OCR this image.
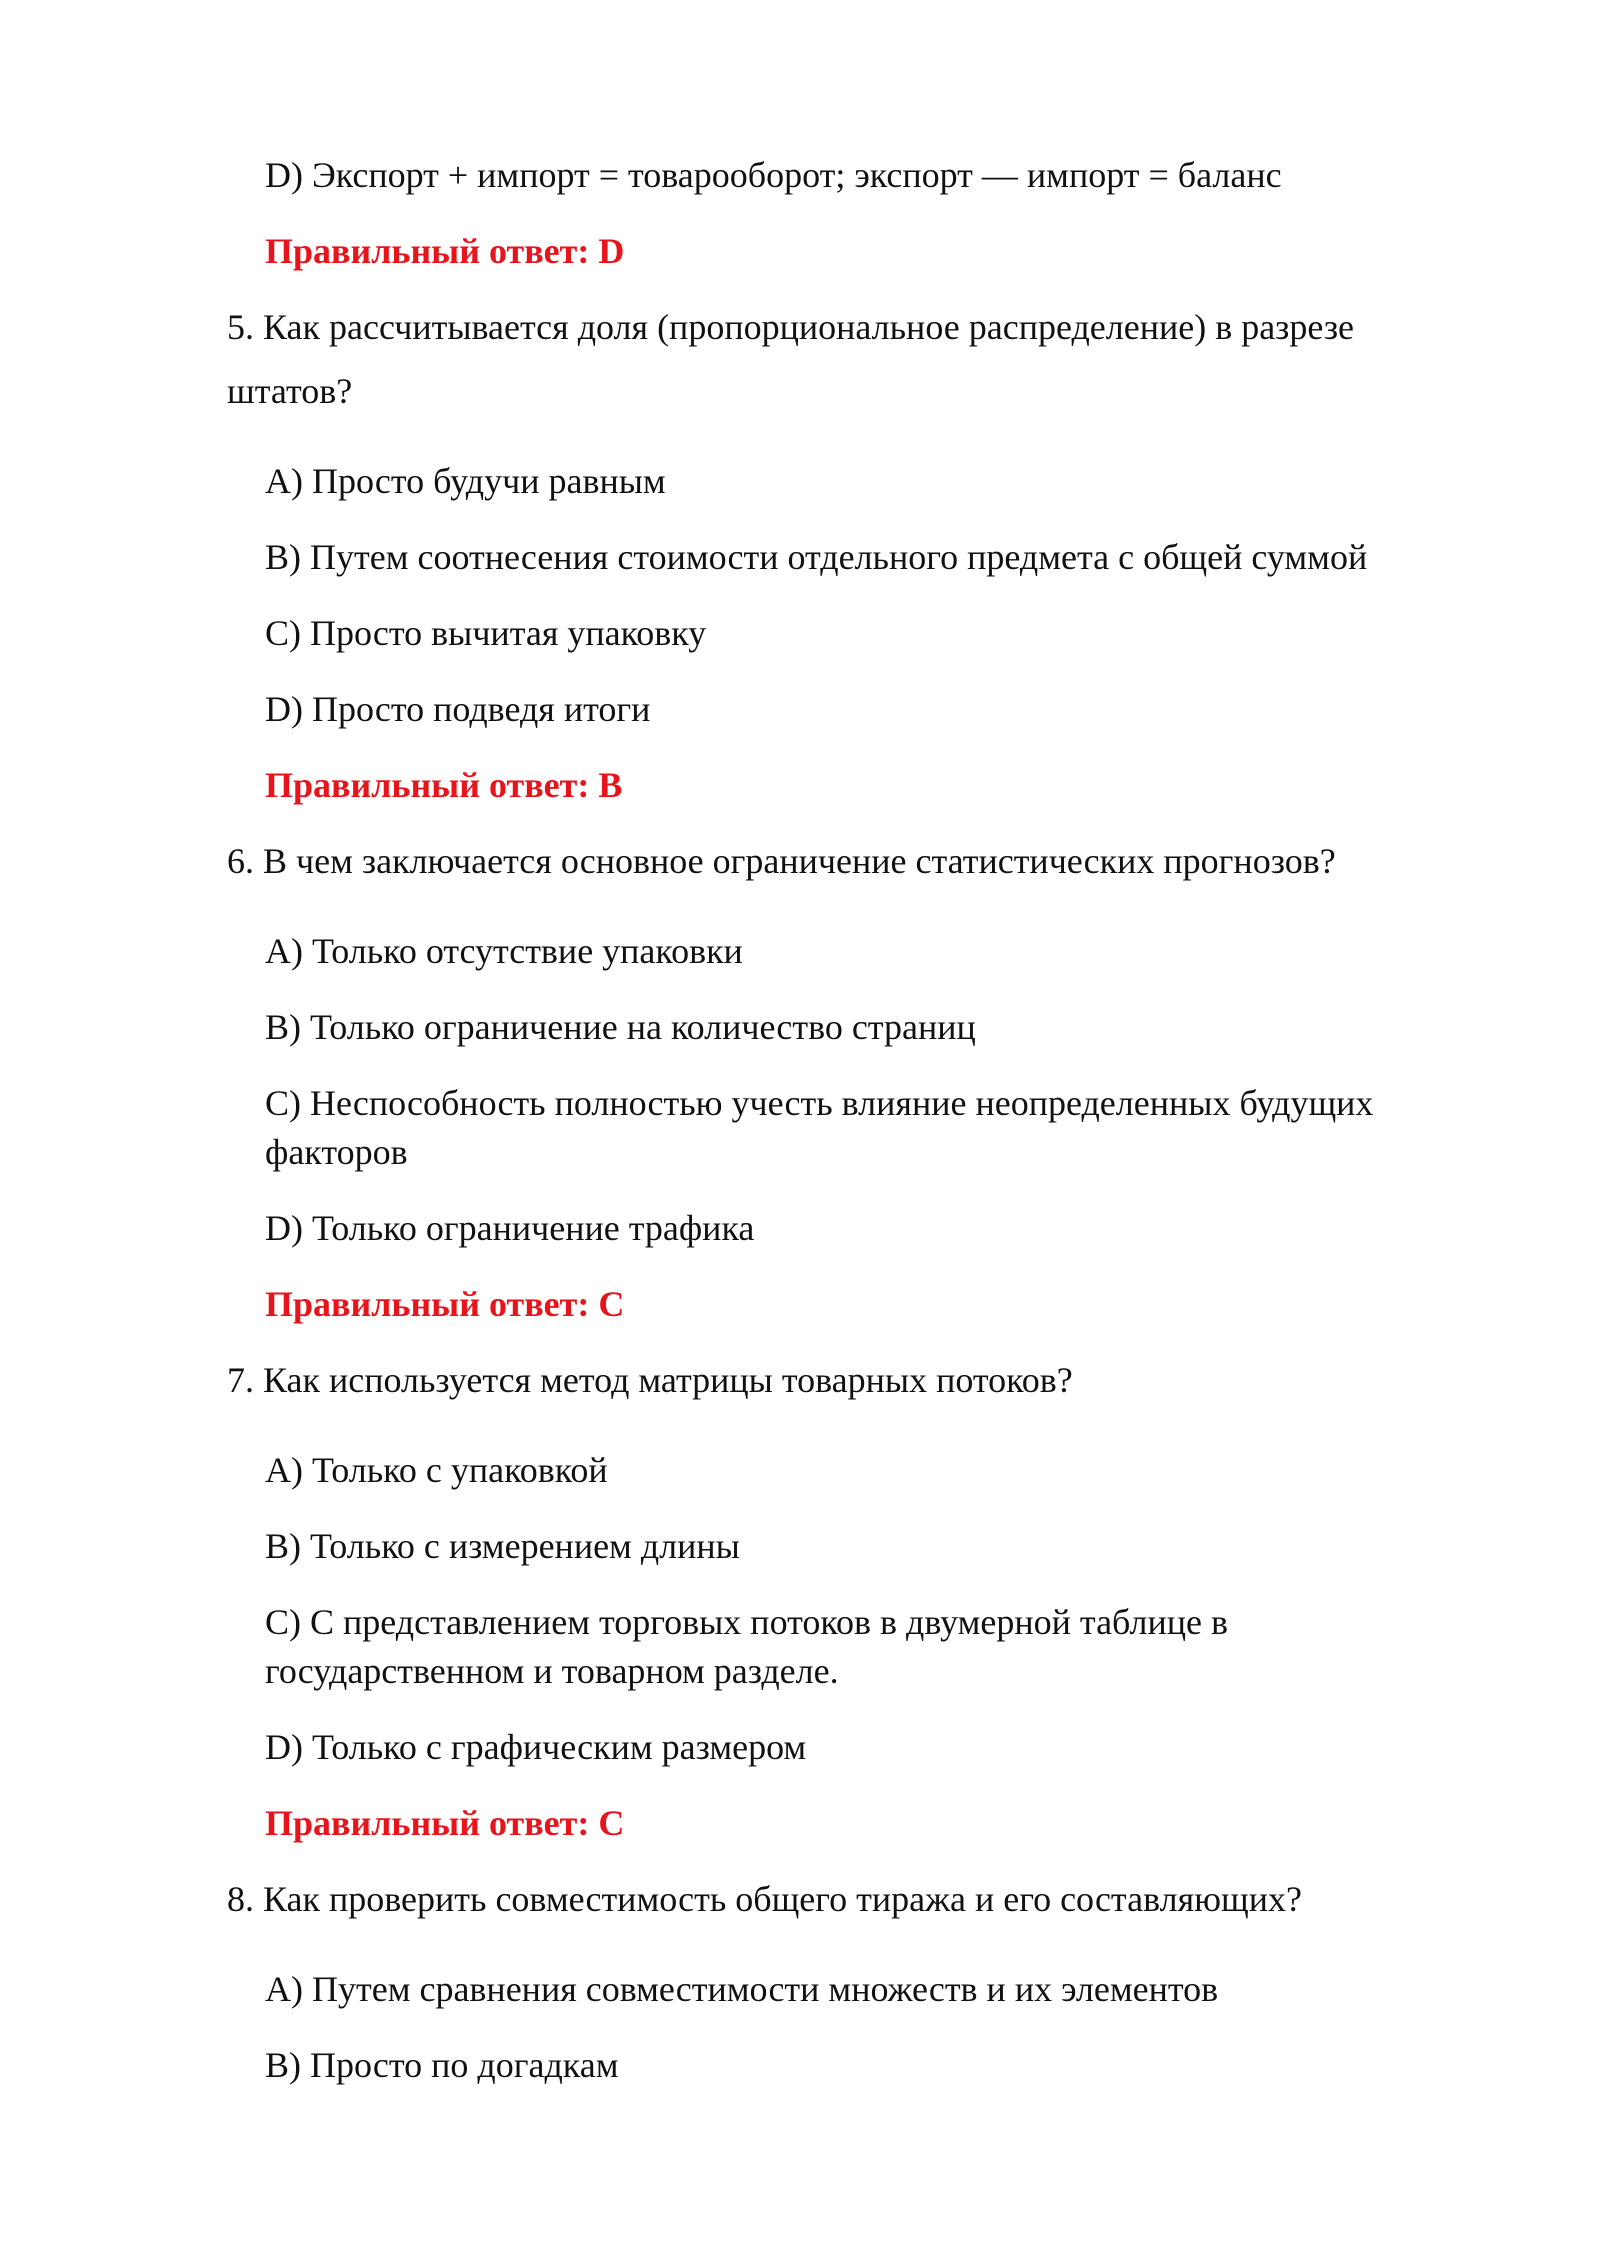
D) Экспорт + импорт = товарооборот; экспорт — импорт = баланс
Правильный ответ: D
5. Как рассчитывается доля (пропорциональное распределение) в разрезе
штатов?
A) Просто будучи равным
B) Путем соотнесения стоимости отдельного предмета с общей суммой
C) Просто вычитая упаковку
D) Просто подведя итоги
Правильный ответ: B
6. В чем заключается основное ограничение статистических прогнозов?
A) Только отсутствие упаковки
B) Только ограничение на количество страниц
C) Неспособность полностью учесть влияние неопределенных будущих
факторов
D) Только ограничение трафика
Правильный ответ: C
7. Как используется метод матрицы товарных потоков?
A) Только с упаковкой
B) Только с измерением длины
C) С представлением торговых потоков в двумерной таблице в
государственном и товарном разделе.
D) Только с графическим размером
Правильный ответ: C
8. Как проверить совместимость общего тиража и его составляющих?
A) Путем сравнения совместимости множеств и их элементов
B) Просто по догадкам
